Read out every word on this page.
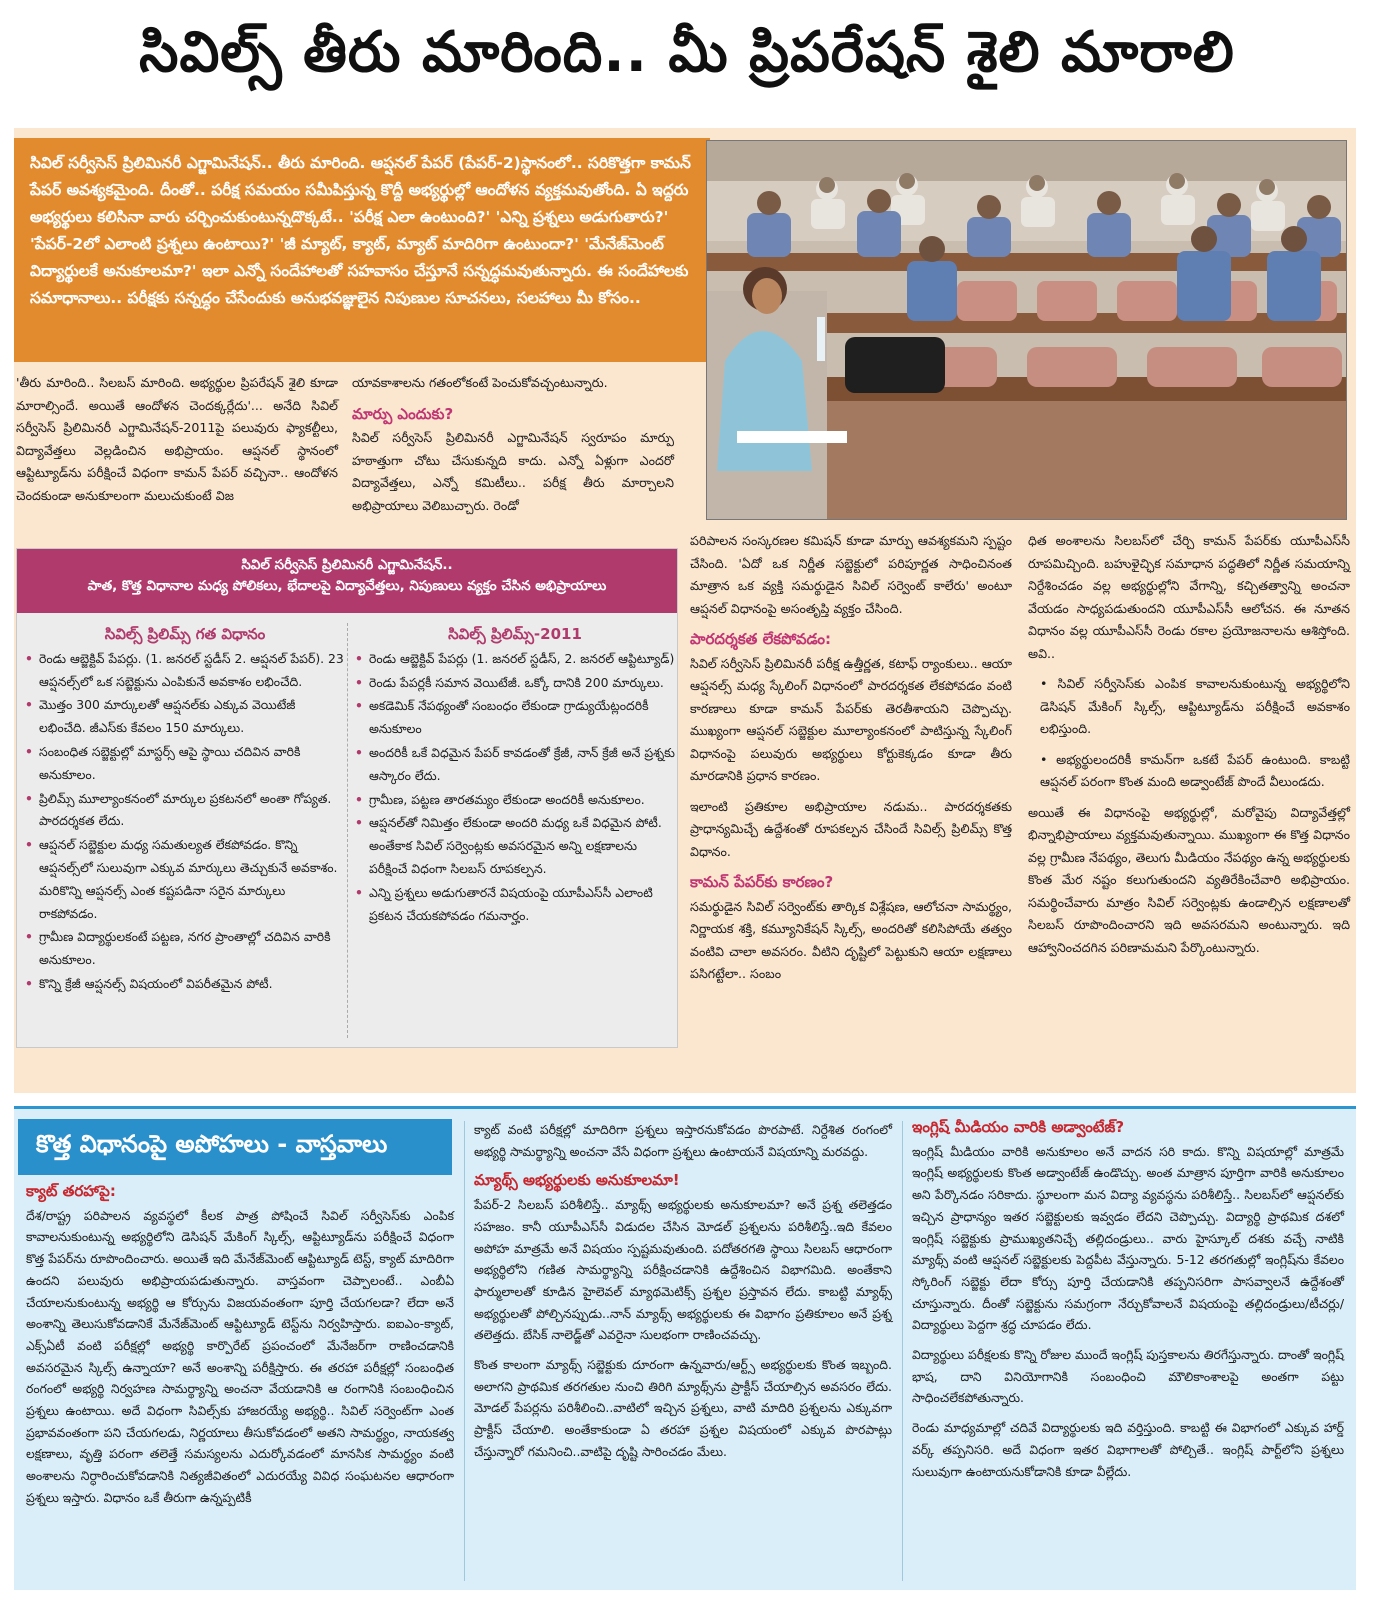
సివిల్స్ తీరు మారింది.. మీ ప్రిపరేషన్ శైలి మారాలి
సివిల్ సర్వీసెస్ ప్రిలిమినరీ ఎగ్జామినేషన్.. తీరు మారింది. ఆప్షనల్ పేపర్ (పేపర్-2)స్థానంలో.. సరికొత్తగా కామన్ పేపర్ అవశ్యకమైంది. దీంతో.. పరీక్ష సమయం సమీపిస్తున్న కొద్దీ అభ్యర్థుల్లో ఆందోళన వ్యక్తమవుతోంది. ఏ ఇద్దరు అభ్యర్థులు కలిసినా వారు చర్చించుకుంటున్నదొక్కటే.. 'పరీక్ష ఎలా ఉంటుంది?' 'ఎన్ని ప్రశ్నలు అడుగుతారు?' 'పేపర్-2లో ఎలాంటి ప్రశ్నలు ఉంటాయి?' 'జీ మ్యాట్, క్యాట్, మ్యాట్ మాదిరిగా ఉంటుందా?' 'మేనేజ్‌మెంట్ విద్యార్థులకే అనుకూలమా?' ఇలా ఎన్నో సందేహాలతో సహవాసం చేస్తూనే సన్నద్ధమవుతున్నారు. ఈ సందేహాలకు సమాధానాలు.. పరీక్షకు సన్నద్ధం చేసేందుకు అనుభవజ్ఞులైన నిపుణుల సూచనలు, సలహాలు మీ కోసం..

'తీరు మారింది.. సిలబస్ మారింది. అభ్యర్థుల ప్రిపరేషన్ శైలి కూడా మారాల్సిందే. అయితే ఆందోళన చెందక్కర్లేదు'... అనేది సివిల్ సర్వీసెస్ ప్రిలిమినరీ ఎగ్జామినేషన్-2011పై పలువురు ఫ్యాకల్టీలు, విద్యావేత్తలు వెల్లడించిన అభిప్రాయం. ఆప్షనల్ స్థానంలో ఆప్టిట్యూడ్‌ను పరీక్షించే విధంగా కామన్ పేపర్ వచ్చినా.. ఆందోళన చెందకుండా అనుకూలంగా మలుచుకుంటే విజ

యావకాశాలను గతంలోకంటే పెంచుకోవచ్చంటున్నారు.

మార్పు ఎందుకు?

సివిల్ సర్వీసెస్ ప్రిలిమినరీ ఎగ్జామినేషన్ స్వరూపం మార్పు హఠాత్తుగా చోటు చేసుకున్నది కాదు. ఎన్నో ఏళ్లుగా ఎందరో విద్యావేత్తలు, ఎన్నో కమిటీలు.. పరీక్ష తీరు మార్చాలని అభిప్రాయాలు వెలిబుచ్చారు. రెండో

సివిల్ సర్వీసెస్ ప్రిలిమినరీ ఎగ్జామినేషన్..
పాత, కొత్త విధానాల మధ్య పోలికలు, భేదాలపై విద్యావేత్తలు, నిపుణులు వ్యక్తం చేసిన అభిప్రాయాలు
సివిల్స్ ప్రిలిమ్స్ గత విధానం
• రెండు ఆబ్జెక్టివ్ పేపర్లు. (1. జనరల్ స్టడీస్ 2. ఆప్షనల్ పేపర్). 23 ఆప్షనల్స్‌లో ఒక సబ్జెక్టును ఎంపికునే అవకాశం లభించేది.
• మొత్తం 300 మార్కులతో ఆప్షనల్‌కు ఎక్కువ వెయిటేజీ లభించేది. జీఎస్‌కు కేవలం 150 మార్కులు.
• సంబంధిత సబ్జెక్టుల్లో మాస్టర్స్ ఆపై స్థాయి చదివిన వారికి అనుకూలం.
• ప్రిలిమ్స్ మూల్యాంకనంలో మార్కుల ప్రకటనలో అంతా గోప్యత. పారదర్శకత లేదు.
• ఆప్షనల్ సబ్జెక్టుల మధ్య సమతుల్యత లేకపోవడం. కొన్ని ఆప్షనల్స్‌లో సులువుగా ఎక్కువ మార్కులు తెచ్చుకునే అవకాశం. మరికొన్ని ఆప్షనల్స్ ఎంత కష్టపడినా సరైన మార్కులు రాకపోవడం.
• గ్రామీణ విద్యార్థులకంటే పట్టణ, నగర ప్రాంతాల్లో చదివిన వారికి అనుకూలం.
• కొన్ని క్రేజీ ఆప్షనల్స్ విషయంలో విపరీతమైన పోటీ.
సివిల్స్ ప్రిలిమ్స్-2011
• రెండు ఆబ్జెక్టివ్ పేపర్లు (1. జనరల్ స్టడీస్, 2. జనరల్ ఆప్టిట్యూడ్)
• రెండు పేపర్లకీ సమాన వెయిటేజీ. ఒక్కో దానికి 200 మార్కులు.
• అకడెమిక్ నేపథ్యంతో సంబంధం లేకుండా గ్రాడ్యుయేట్లందరికీ అనుకూలం
• అందరికీ ఒకే విధమైన పేపర్ కావడంతో క్రేజీ, నాన్ క్రేజీ అనే ప్రశ్నకు ఆస్కారం లేదు.
• గ్రామీణ, పట్టణ తారతమ్యం లేకుండా అందరికీ అనుకూలం.
• ఆప్షనల్‌తో నిమిత్తం లేకుండా అందరి మధ్య ఒకే విధమైన పోటీ. అంతేకాక సివిల్ సర్వెంట్లకు అవసరమైన అన్ని లక్షణాలను పరీక్షించే విధంగా సిలబస్ రూపకల్పన.
• ఎన్ని ప్రశ్నలు అడుగుతారనే విషయంపై యూపీఎస్‌సీ ఎలాంటి ప్రకటన చేయకపోవడం గమనార్హం.

పరిపాలన సంస్కరణల కమిషన్ కూడా మార్పు ఆవశ్యకమని స్పష్టం చేసింది. 'ఏదో ఒక నిర్ణీత సబ్జెక్టులో పరిపూర్ణత సాధించినంత మాత్రాన ఒక వ్యక్తి సమర్థుడైన సివిల్ సర్వెంట్ కాలేరు' అంటూ ఆప్షనల్ విధానంపై అసంతృప్తి వ్యక్తం చేసింది.

పారదర్శకత లేకపోవడం:

సివిల్ సర్వీసెస్ ప్రిలిమినరీ పరీక్ష ఉత్తీర్ణత, కటాఫ్ ర్యాంకులు.. ఆయా ఆప్షనల్స్ మధ్య స్కేలింగ్ విధానంలో పారదర్శకత లేకపోవడం వంటి కారణాలు కూడా కామన్ పేపర్‌కు తెరతీశాయని చెప్పొచ్చు. ముఖ్యంగా ఆప్షనల్ సబ్జెక్టుల మూల్యాంకనంలో పాటిస్తున్న స్కేలింగ్ విధానంపై పలువురు అభ్యర్థులు కోర్టుకెక్కడం కూడా తీరు మారడానికి ప్రధాన కారణం.

ఇలాంటి ప్రతికూల అభిప్రాయాల నడుమ.. పారదర్శకతకు ప్రాధాన్యమిచ్చే ఉద్దేశంతో రూపకల్పన చేసిందే సివిల్స్ ప్రిలిమ్స్ కొత్త విధానం.

కామన్ పేపర్‌కు కారణం?

సమర్థుడైన సివిల్ సర్వెంట్‌కు తార్కిక విశ్లేషణ, ఆలోచనా సామర్థ్యం, నిర్ణాయక శక్తి, కమ్యూనికేషన్ స్కిల్స్, అందరితో కలిసిపోయే తత్వం వంటివి చాలా అవసరం. వీటిని దృష్టిలో పెట్టుకుని ఆయా లక్షణాలు పసిగట్టేలా.. సంబం

ధిత అంశాలను సిలబస్‌లో చేర్చి కామన్ పేపర్‌కు యూపీఎస్‌సీ రూపమిచ్చింది. బహుళైచ్ఛిక సమాధాన పద్ధతిలో నిర్ణీత సమయాన్ని నిర్దేశించడం వల్ల అభ్యర్థుల్లోని వేగాన్ని, కచ్చితత్వాన్ని అంచనా వేయడం సాధ్యపడుతుందని యూపీఎస్‌సీ ఆలోచన. ఈ నూతన విధానం వల్ల యూపీఎస్‌సీ రెండు రకాల ప్రయోజనాలను ఆశిస్తోంది. అవి..

• సివిల్ సర్వీసెస్‌కు ఎంపిక కావాలనుకుంటున్న అభ్యర్థిలోని డెసిషన్ మేకింగ్ స్కిల్స్, ఆప్టిట్యూడ్‌ను పరీక్షించే అవకాశం లభిస్తుంది.

• అభ్యర్థులందరికీ కామన్‌గా ఒకటే పేపర్ ఉంటుంది. కాబట్టి ఆప్షనల్ పరంగా కొంత మంది అడ్వాంటేజ్ పొందే వీలుండదు.

అయితే ఈ విధానంపై అభ్యర్థుల్లో, మరోవైపు విద్యావేత్తల్లో భిన్నాభిప్రాయాలు వ్యక్తమవుతున్నాయి. ముఖ్యంగా ఈ కొత్త విధానం వల్ల గ్రామీణ నేపథ్యం, తెలుగు మీడియం నేపథ్యం ఉన్న అభ్యర్థులకు కొంత మేర నష్టం కలుగుతుందని వ్యతిరేకించేవారి అభిప్రాయం. సమర్థించేవారు మాత్రం సివిల్ సర్వెంట్లకు ఉండాల్సిన లక్షణాలతో సిలబస్ రూపొందించారని ఇది అవసరమని అంటున్నారు. ఇది ఆహ్వానించదగిన పరిణామమని పేర్కొంటున్నారు.

కొత్త విధానంపై అపోహలు - వాస్తవాలు
క్యాట్ తరహాపై:

దేశ/రాష్ట్ర పరిపాలన వ్యవస్థలో కీలక పాత్ర పోషించే సివిల్ సర్వీసెస్‌కు ఎంపిక కావాలనుకుంటున్న అభ్యర్థిలోని డెసిషన్ మేకింగ్ స్కిల్స్, ఆప్టిట్యూడ్‌ను పరీక్షించే విధంగా కొత్త పేపర్‌ను రూపొందించారు. అయితే ఇది మేనేజ్‌మెంట్ ఆప్టిట్యూడ్ టెస్ట్, క్యాట్ మాదిరిగా ఉందని పలువురు అభిప్రాయపడుతున్నారు. వాస్తవంగా చెప్పాలంటే.. ఎంబీఏ చేయాలనుకుంటున్న అభ్యర్థి ఆ కోర్సును విజయవంతంగా పూర్తి చేయగలడా? లేదా అనే అంశాన్ని తెలుసుకోవడానికే మేనేజ్‌మెంట్ ఆప్టిట్యూడ్ టెస్ట్‌ను నిర్వహిస్తారు. ఐఐఎం-క్యాట్, ఎక్స్ఏటీ వంటి పరీక్షల్లో అభ్యర్థి కార్పొరేట్ ప్రపంచంలో మేనేజర్‌గా రాణించడానికి అవసరమైన స్కిల్స్ ఉన్నాయా? అనే అంశాన్ని పరీక్షిస్తారు. ఈ తరహా పరీక్షల్లో సంబంధిత రంగంలో అభ్యర్థి నిర్వహణ సామర్థ్యాన్ని అంచనా వేయడానికి ఆ రంగానికి సంబంధించిన ప్రశ్నలు ఉంటాయి. అదే విధంగా సివిల్స్‌కు హాజరయ్యే అభ్యర్థి.. సివిల్ సర్వెంట్‌గా ఎంత ప్రభావవంతంగా పని చేయగలడు, నిర్ణయాలు తీసుకోవడంలో అతని సామర్థ్యం, నాయకత్వ లక్షణాలు, వృత్తి పరంగా తలెత్తే సమస్యలను ఎదుర్కోవడంలో మానసిక సామర్థ్యం వంటి అంశాలను నిర్ధారించుకోవడానికి నిత్యజీవితంలో ఎదురయ్యే వివిధ సంఘటనల ఆధారంగా ప్రశ్నలు ఇస్తారు. విధానం ఒకే తీరుగా ఉన్నప్పటికీ

క్యాట్ వంటి పరీక్షల్లో మాదిరిగా ప్రశ్నలు ఇస్తారనుకోవడం పొరపాటే. నిర్దేశిత రంగంలో అభ్యర్థి సామర్థ్యాన్ని అంచనా వేసే విధంగా ప్రశ్నలు ఉంటాయనే విషయాన్ని మరవద్దు.

మ్యాథ్స్ అభ్యర్థులకు అనుకూలమా!

పేపర్-2 సిలబస్ పరిశీలిస్తే.. మ్యాథ్స్ అభ్యర్థులకు అనుకూలమా? అనే ప్రశ్న తలెత్తడం సహజం. కానీ యూపీఎస్‌సీ విడుదల చేసిన మోడల్ ప్రశ్నలను పరిశీలిస్తే..ఇది కేవలం అపోహ మాత్రమే అనే విషయం స్పష్టమవుతుంది. పదోతరగతి స్థాయి సిలబస్ ఆధారంగా అభ్యర్థిలోని గణిత సామర్థ్యాన్ని పరీక్షించడానికి ఉద్దేశించిన విభాగమిది. అంతేకాని ఫార్ములాలతో కూడిన హైలెవల్ మ్యాథమెటిక్స్ ప్రశ్నల ప్రస్తావన లేదు. కాబట్టి మ్యాథ్స్ అభ్యర్థులతో పోల్చినప్పుడు..నాన్ మ్యాథ్స్ అభ్యర్థులకు ఈ విభాగం ప్రతికూలం అనే ప్రశ్న తలెత్తదు. బేసిక్ నాలెడ్జ్‌తో ఎవరైనా సులభంగా రాణించవచ్చు.

కొంత కాలంగా మ్యాథ్స్ సబ్జెక్టుకు దూరంగా ఉన్నవారు/ఆర్ట్స్ అభ్యర్థులకు కొంత ఇబ్బంది. అలాగని ప్రాథమిక తరగతుల నుంచి తిరిగి మ్యాథ్స్‌ను ప్రాక్టీస్ చేయాల్సిన అవసరం లేదు. మోడల్ పేపర్లను పరిశీలించి..వాటిలో ఇచ్చిన ప్రశ్నలు, వాటి మాదిరి ప్రశ్నలను ఎక్కువగా ప్రాక్టీస్ చేయాలి. అంతేకాకుండా ఏ తరహా ప్రశ్నల విషయంలో ఎక్కువ పొరపాట్లు చేస్తున్నారో గమనించి..వాటిపై దృష్టి సారించడం మేలు.

ఇంగ్లిష్ మీడియం వారికి అడ్వాంటేజ్?

ఇంగ్లిష్ మీడియం వారికి అనుకూలం అనే వాదన సరి కాదు. కొన్ని విషయాల్లో మాత్రమే ఇంగ్లిష్ అభ్యర్థులకు కొంత అడ్వాంటేజ్ ఉండొచ్చు. అంత మాత్రాన పూర్తిగా వారికి అనుకూలం అని పేర్కొనడం సరికాదు. స్థూలంగా మన విద్యా వ్యవస్థను పరిశీలిస్తే.. సిలబస్‌లో ఆప్షనల్‌కు ఇచ్చిన ప్రాధాన్యం ఇతర సబ్జెక్టులకు ఇవ్వడం లేదని చెప్పొచ్చు. విద్యార్థి ప్రాథమిక దశలో ఇంగ్లిష్ సబ్జెక్టుకు ప్రాముఖ్యతనిచ్చే తల్లిదండ్రులు.. వారు హైస్కూల్ దశకు వచ్చే నాటికి మ్యాథ్స్ వంటి ఆప్షనల్ సబ్జెక్టులకు పెద్దపీట వేస్తున్నారు. 5-12 తరగతుల్లో ఇంగ్లిష్‌ను కేవలం స్కోరింగ్ సబ్జెక్టు లేదా కోర్సు పూర్తి చేయడానికి తప్పనిసరిగా పాసవ్వాలనే ఉద్దేశంతో చూస్తున్నారు. దీంతో సబ్జెక్టును సమగ్రంగా నేర్చుకోవాలనే విషయంపై తల్లిదండ్రులు/టీచర్లు/విద్యార్థులు పెద్దగా శ్రద్ధ చూపడం లేదు.

విద్యార్థులు పరీక్షలకు కొన్ని రోజుల ముందే ఇంగ్లిష్ పుస్తకాలను తిరగేస్తున్నారు. దాంతో ఇంగ్లిష్ భాష, దాని వినియోగానికి సంబంధించి మౌలికాంశాలపై అంతగా పట్టు సాధించలేకపోతున్నారు.

రెండు మాధ్యమాల్లో చదివే విద్యార్థులకు ఇది వర్తిస్తుంది. కాబట్టి ఈ విభాగంలో ఎక్కువ హార్డ్ వర్క్ తప్పనిసరి. అదే విధంగా ఇతర విభాగాలతో పోల్చితే.. ఇంగ్లిష్ పార్ట్‌లోని ప్రశ్నలు సులువుగా ఉంటాయనుకోడానికి కూడా వీల్లేదు.
